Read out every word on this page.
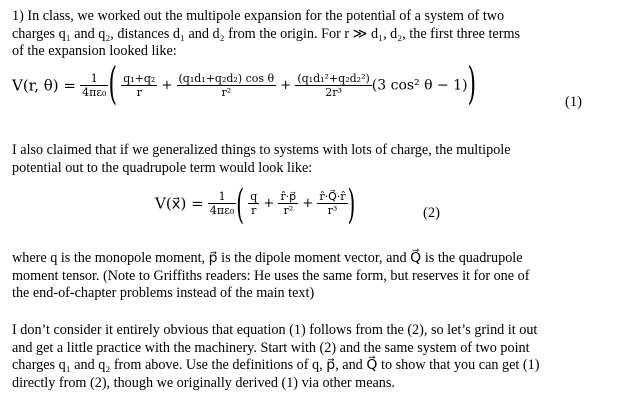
1) In class, we worked out the multipole expansion for the potential of a system of two
charges q₁ and q₂, distances d₁ and d₂ from the origin. For r ≫ d₁, d₂, the first three terms
of the expansion looked like:
V(r, $\theta) = \frac{1}{\text{4πε₀}}$ ( $\frac{\text{q₁+q₂}}{r} + \frac{\text{(q₁d₁+q₂d₂) cos θ}}{\text{r²}} + \frac{\text{(q₁d₁²+q₂d₂²)}}{\text{2r³}} (3$ cos² θ − 1))	(1)
I also claimed that if we generalized things to systems with lots of charge, the multipole
potential out to the quadrupole term would look like:
V(x⃗) = $\frac{1}{\text{4πε₀}}$ ( $\frac{q}{r} + \frac{r̂\cdot p⃗}{\text{r²}} + \frac{r̂\cdot Q⃗\cdot r̂}{\text{r³}}$ )	(2)
where q is the monopole moment, p⃗ is the dipole moment vector, and Q⃗ is the quadrupole
moment tensor. (Note to Griffiths readers: He uses the same form, but reserves it for one of
the end-of-chapter problems instead of the main text)
I don’t consider it entirely obvious that equation (1) follows from the (2), so let’s grind it out
and get a little practice with the machinery. Start with (2) and the same system of two point
charges q₁ and q₂ from above. Use the definitions of q, p⃗, and Q⃗ to show that you can get (1)
directly from (2), though we originally derived (1) via other means.
